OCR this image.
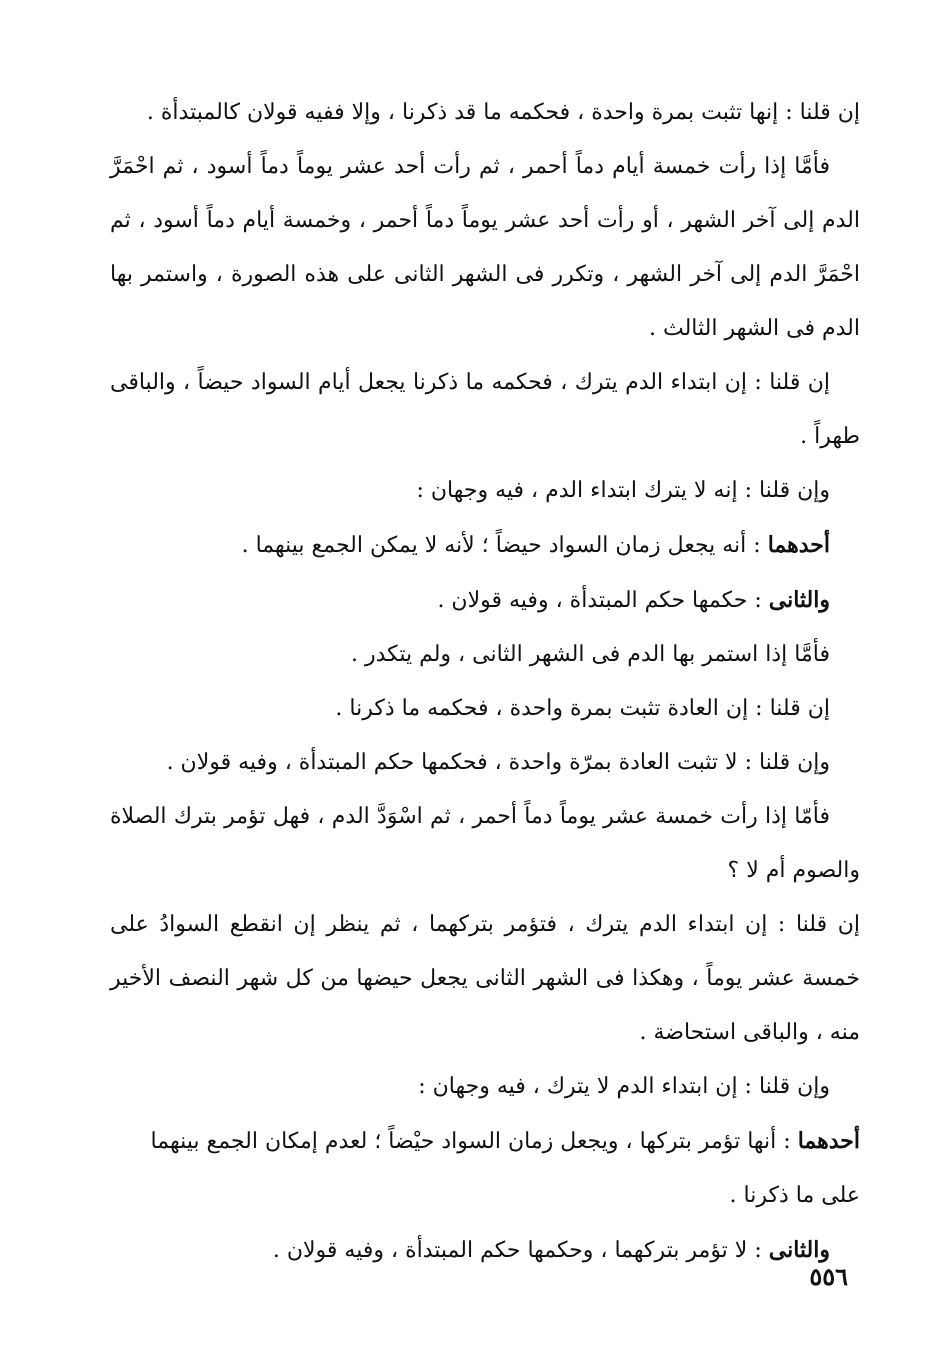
إن قلنا : إنها تثبت بمرة واحدة ، فحكمه ما قد ذكرنا ، وإلا ففيه قولان كالمبتدأة .

فأمَّا إذا رأت خمسة أيام دماً أحمر ، ثم رأت أحد عشر يوماً دماً أسود ، ثم احْمَرَّ الدم إلى آخر الشهر ، أو رأت أحد عشر يوماً دماً أحمر ، وخمسة أيام دماً أسود ، ثم احْمَرَّ الدم إلى آخر الشهر ، وتكرر فى الشهر الثانى على هذه الصورة ، واستمر بها الدم فى الشهر الثالث .

إن قلنا : إن ابتداء الدم يترك ، فحكمه ما ذكرنا يجعل أيام السواد حيضاً ، والباقى طهراً .

وإن قلنا : إنه لا يترك ابتداء الدم ، فيه وجهان :

أحدهما : أنه يجعل زمان السواد حيضاً ؛ لأنه لا يمكن الجمع بينهما .

والثانى : حكمها حكم المبتدأة ، وفيه قولان .

فأمَّا إذا استمر بها الدم فى الشهر الثانى ، ولم يتكدر .

إن قلنا : إن العادة تثبت بمرة واحدة ، فحكمه ما ذكرنا .

وإن قلنا : لا تثبت العادة بمرّة واحدة ، فحكمها حكم المبتدأة ، وفيه قولان .

فأمّا إذا رأت خمسة عشر يوماً دماً أحمر ، ثم اسْوَدَّ الدم ، فهل تؤمر بترك الصلاة والصوم أم لا ؟

إن قلنا : إن ابتداء الدم يترك ، فتؤمر بتركهما ، ثم ينظر إن انقطع السوادُ على خمسة عشر يوماً ، وهكذا فى الشهر الثانى يجعل حيضها من كل شهر النصف الأخير منه ، والباقى استحاضة .

وإن قلنا : إن ابتداء الدم لا يترك ، فيه وجهان :

أحدهما : أنها تؤمر بتركها ، ويجعل زمان السواد حيْضاً ؛ لعدم إمكان الجمع بينهما على ما ذكرنا .

والثانى : لا تؤمر بتركهما ، وحكمها حكم المبتدأة ، وفيه قولان .

٥٥٦
